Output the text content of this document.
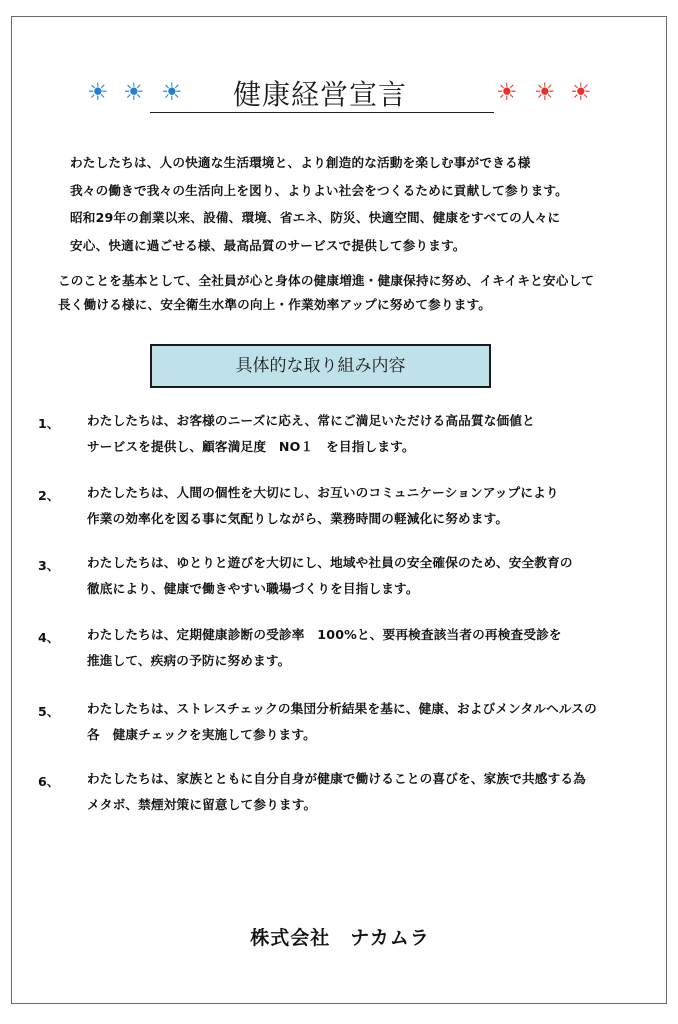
☀ ☀ ☀	健康経営宣言	☀ ☀ ☀
わたしたちは、人の快適な生活環境と、より創造的な活動を楽しむ事ができる様
我々の働きで我々の生活向上を図り、よりよい社会をつくるために貢献して参ります。
昭和29年の創業以来、設備、環境、省エネ、防災、快適空間、健康をすべての人々に
安心、快適に過ごせる様、最高品質のサービスで提供して参ります。
このことを基本として、全社員が心と身体の健康増進・健康保持に努め、イキイキと安心して
長く働ける様に、安全衛生水準の向上・作業効率アップに努めて参ります。
具体的な取り組み内容
1、 わたしたちは、お客様のニーズに応え、常にご満足いただける高品質な価値と
サービスを提供し、顧客満足度　NO１　を目指します。
2、 わたしたちは、人間の個性を大切にし、お互いのコミュニケーションアップにより
作業の効率化を図る事に気配りしながら、業務時間の軽減化に努めます。
3、 わたしたちは、ゆとりと遊びを大切にし、地域や社員の安全確保のため、安全教育の
徹底により、健康で働きやすい職場づくりを目指します。
4、 わたしたちは、定期健康診断の受診率　100%と、要再検査該当者の再検査受診を
推進して、疾病の予防に努めます。
5、 わたしたちは、ストレスチェックの集団分析結果を基に、健康、およびメンタルヘルスの
各　健康チェックを実施して参ります。
6、 わたしたちは、家族とともに自分自身が健康で働けることの喜びを、家族で共感する為
メタボ、禁煙対策に留意して参ります。
株式会社　ナカムラ
